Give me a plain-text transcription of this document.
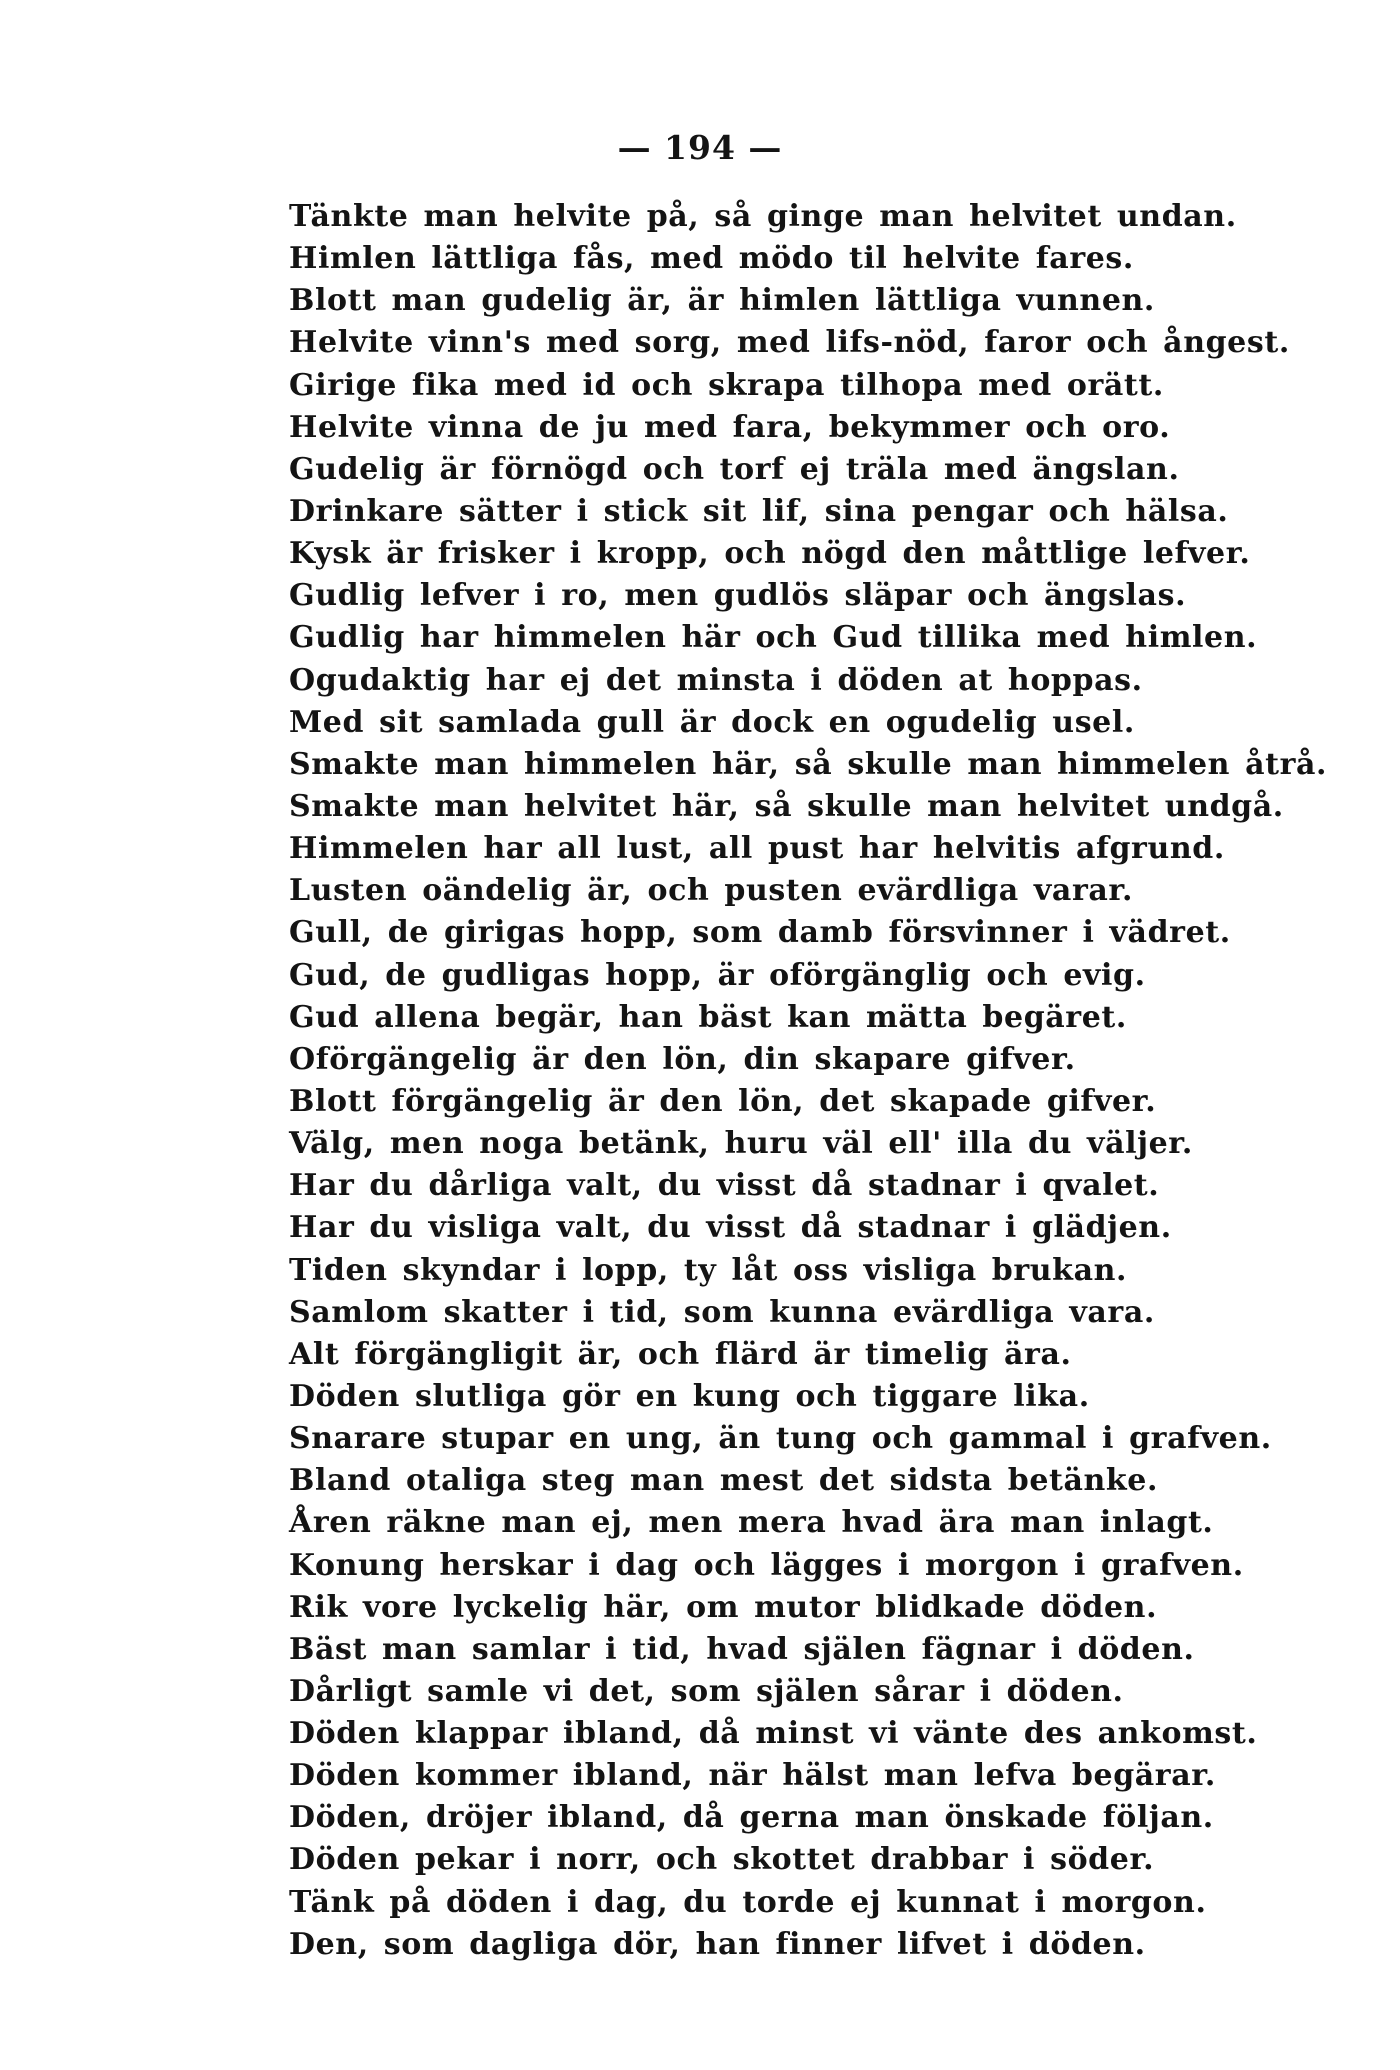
— 194 —
Tänkte man helvite på, så ginge man helvitet undan.
Himlen lättliga fås, med mödo til helvite fares.
Blott man gudelig är, är himlen lättliga vunnen.
Helvite vinn's med sorg, med lifs-nöd, faror och ångest.
Girige fika med id och skrapa tilhopa med orätt.
Helvite vinna de ju med fara, bekymmer och oro.
Gudelig är förnögd och torf ej träla med ängslan.
Drinkare sätter i stick sit lif, sina pengar och hälsa.
Kysk är frisker i kropp, och nögd den måttlige lefver.
Gudlig lefver i ro, men gudlös släpar och ängslas.
Gudlig har himmelen här och Gud tillika med himlen.
Ogudaktig har ej det minsta i döden at hoppas.
Med sit samlada gull är dock en ogudelig usel.
Smakte man himmelen här, så skulle man himmelen åtrå.
Smakte man helvitet här, så skulle man helvitet undgå.
Himmelen har all lust, all pust har helvitis afgrund.
Lusten oändelig är, och pusten evärdliga varar.
Gull, de girigas hopp, som damb försvinner i vädret.
Gud, de gudligas hopp, är oförgänglig och evig.
Gud allena begär, han bäst kan mätta begäret.
Oförgängelig är den lön, din skapare gifver.
Blott förgängelig är den lön, det skapade gifver.
Välg, men noga betänk, huru väl ell' illa du väljer.
Har du dårliga valt, du visst då stadnar i qvalet.
Har du visliga valt, du visst då stadnar i glädjen.
Tiden skyndar i lopp, ty låt oss visliga brukan.
Samlom skatter i tid, som kunna evärdliga vara.
Alt förgängligit är, och flärd är timelig ära.
Döden slutliga gör en kung och tiggare lika.
Snarare stupar en ung, än tung och gammal i grafven.
Bland otaliga steg man mest det sidsta betänke.
Åren räkne man ej, men mera hvad ära man inlagt.
Konung herskar i dag och lägges i morgon i grafven.
Rik vore lyckelig här, om mutor blidkade döden.
Bäst man samlar i tid, hvad själen fägnar i döden.
Dårligt samle vi det, som själen sårar i döden.
Döden klappar ibland, då minst vi vänte des ankomst.
Döden kommer ibland, när hälst man lefva begärar.
Döden, dröjer ibland, då gerna man önskade följan.
Döden pekar i norr, och skottet drabbar i söder.
Tänk på döden i dag, du torde ej kunnat i morgon.
Den, som dagliga dör, han finner lifvet i döden.
